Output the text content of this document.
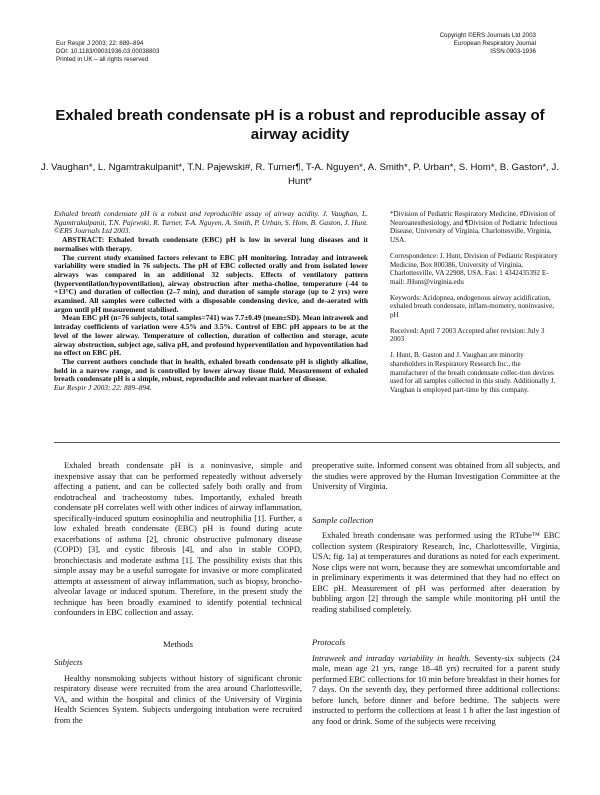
Eur Respir J 2003; 22: 889–894
DOI: 10.1183/09031936.03.00038803
Printed in UK – all rights reserved
Copyright ©ERS Journals Ltd 2003
European Respiratory Journal
ISSN 0903-1936
Exhaled breath condensate pH is a robust and reproducible assay of airway acidity
J. Vaughan*, L. Ngamtrakulpanit*, T.N. Pajewski#, R. Turner¶, T-A. Nguyen*, A. Smith*, P. Urban*, S. Hom*, B. Gaston*, J. Hunt*

Exhaled breath condensate pH is a robust and reproducible assay of airway acidity. J. Vaughan, L. Ngamtrakulpanit, T.N. Pajewski, R. Turner, T-A. Nguyen, A. Smith, P. Urban, S. Hom, B. Gaston, J. Hunt. ©ERS Journals Ltd 2003.

ABSTRACT: Exhaled breath condensate (EBC) pH is low in several lung diseases and it normalises with therapy.

The current study examined factors relevant to EBC pH monitoring. Intraday and intraweek variability were studied in 76 subjects. The pH of EBC collected orally and from isolated lower airways was compared in an additional 32 subjects. Effects of ventilatory pattern (hyperventilation/hypoventilation), airway obstruction after metha-choline, temperature (-44 to +13°C) and duration of collection (2–7 min), and duration of sample storage (up to 2 yrs) were examined. All samples were collected with a disposable condensing device, and de-aerated with argon until pH measurement stabilised.

Mean EBC pH (n=76 subjects, total samples=741) was 7.7±0.49 (mean±SD). Mean intraweek and intraday coefficients of variation were 4.5% and 3.5%. Control of EBC pH appears to be at the level of the lower airway. Temperature of collection, duration of collection and storage, acute airway obstruction, subject age, saliva pH, and profound hyperventilation and hypoventilation had no effect on EBC pH.

The current authors conclude that in health, exhaled breath condensate pH is slightly alkaline, held in a narrow range, and is controlled by lower airway tissue fluid. Measurement of exhaled breath condensate pH is a simple, robust, reproducible and relevant marker of disease.

Eur Respir J 2003; 22: 889–894.

*Division of Pediatric Respiratory Medicine, #Division of Neuroanesthesiology, and ¶Division of Pediatric Infectious Disease, University of Virginia, Charlottesville, Virginia, USA.

Correspondence: J. Hunt, Division of Pediatric Respiratory Medicine, Box 800386, University of Virginia, Charlottesville, VA 22908, USA. Fax: 1 4342435392 E-mail: JHunt@virginia.edu

Keywords: Acidopnea, endogenous airway acidification, exhaled breath condensate, inflam-mometry, noninvasive, pH

Received: April 7 2003 Accepted after revision: July 3 2003

J. Hunt, B. Gaston and J. Vaughan are minority shareholders in Respiratory Research Inc., the manufacturer of the breath condensate collec-tion devices used for all samples collected in this study. Additionally J. Vaughan is employed part-time by this company.

Exhaled breath condensate pH is a noninvasive, simple and inexpensive assay that can be performed repeatedly without adversely affecting a patient, and can be collected safely both orally and from endotracheal and tracheostomy tubes. Importantly, exhaled breath condensate pH correlates well with other indices of airway inflammation, specifically-induced sputum eosinophilia and neutrophilia [1]. Further, a low exhaled breath condensate (EBC) pH is found during acute exacerbations of asthma [2], chronic obstructive pulmonary disease (COPD) [3], and cystic fibrosis [4], and also in stable COPD, bronchiectasis and moderate asthma [1]. The possibility exists that this simple assay may be a useful surrogate for invasive or more complicated attempts at assessment of airway inflammation, such as biopsy, broncho-alveolar lavage or induced sputum. Therefore, in the present study the technique has been broadly examined to identify potential technical confounders in EBC collection and assay.

Methods
Subjects

Healthy nonsmoking subjects without history of significant chronic respiratory disease were recruited from the area around Charlottesville, VA, and within the hospital and clinics of the University of Virginia Health Sciences System. Subjects undergoing intubation were recruited from the

preoperative suite. Informed consent was obtained from all subjects, and the studies were approved by the Human Investigation Committee at the University of Virginia.

Sample collection

Exhaled breath condensate was performed using the RTube™ EBC collection system (Respiratory Research, Inc, Charlottesville, Virginia, USA; fig. 1a) at temperatures and durations as noted for each experiment. Nose clips were not worn, because they are somewhat uncomfortable and in preliminary experiments it was determined that they had no effect on EBC pH. Measurement of pH was performed after deaeration by bubbling argon [2] through the sample while monitoring pH until the reading stabilised completely.

Protocols

Intraweek and intraday variability in health. Seventy-six subjects (24 male, mean age 21 yrs, range 18–48 yrs) recruited for a parent study performed EBC collections for 10 min before breakfast in their homes for 7 days. On the seventh day, they performed three additional collections: before lunch, before dinner and before bedtime. The subjects were instructed to perform the collections at least 1 h after the last ingestion of any food or drink. Some of the subjects were receiving
